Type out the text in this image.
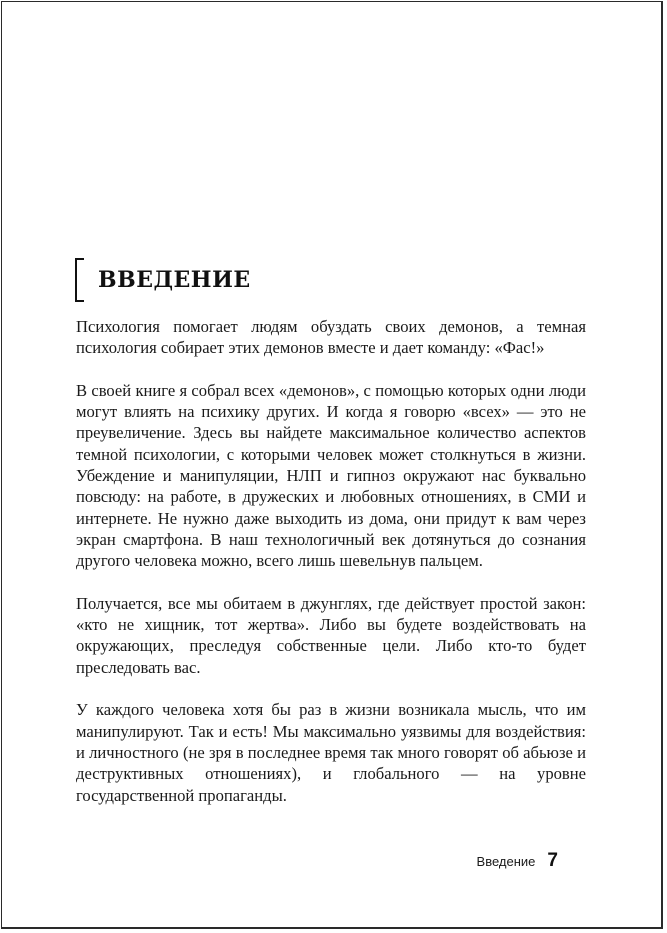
ВВЕДЕНИЕ

Психология помогает людям обуздать своих демонов, а темная психология собирает этих демонов вместе и дает команду: «Фас!»

В своей книге я собрал всех «демонов», с помощью которых одни люди могут влиять на психику других. И когда я говорю «всех» — это не преувеличение. Здесь вы найдете максимальное количество аспектов темной психологии, с которыми человек может столкнуться в жизни. Убеждение и манипуляции, НЛП и гипноз окружают нас буквально повсюду: на работе, в дружеских и любовных отношениях, в СМИ и интернете. Не нужно даже выходить из дома, они придут к вам через экран смартфона. В наш технологичный век дотянуться до сознания другого человека можно, всего лишь шевельнув пальцем.

Получается, все мы обитаем в джунглях, где действует простой закон: «кто не хищник, тот жертва». Либо вы будете воздействовать на окружающих, преследуя собственные цели. Либо кто-то будет преследовать вас.

У каждого человека хотя бы раз в жизни возникала мысль, что им манипулируют. Так и есть! Мы максимально уязвимы для воздействия: и личностного (не зря в последнее время так много говорят об абьюзе и деструктивных отношениях), и глобального — на уровне государственной пропаганды.

Введение 7
